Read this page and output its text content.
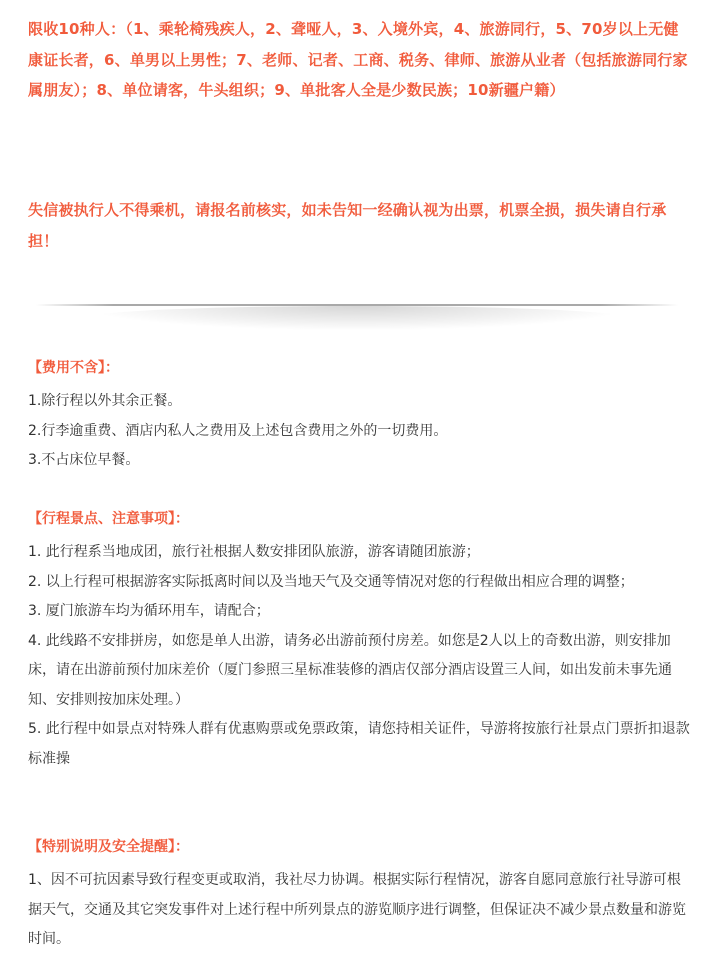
限收10种人：（1、乘轮椅残疾人，2、聋哑人，3、入境外宾，4、旅游同行，5、70岁以上无健康证长者，6、单男以上男性；7、老师、记者、工商、税务、律师、旅游从业者（包括旅游同行家属朋友）；8、单位请客，牛头组织；9、单批客人全是少数民族；10新疆户籍）

失信被执行人不得乘机，请报名前核实，如未告知一经确认视为出票，机票全损，损失请自行承担！

【费用不含】：

1.除行程以外其余正餐。

2.行李逾重费、酒店内私人之费用及上述包含费用之外的一切费用。

3.不占床位早餐。

【行程景点、注意事项】：

1. 此行程系当地成团，旅行社根据人数安排团队旅游，游客请随团旅游；

2. 以上行程可根据游客实际抵离时间以及当地天气及交通等情况对您的行程做出相应合理的调整；

3. 厦门旅游车均为循环用车，请配合；

4. 此线路不安排拼房，如您是单人出游，请务必出游前预付房差。如您是2人以上的奇数出游，则安排加床，请在出游前预付加床差价（厦门参照三星标准装修的酒店仅部分酒店设置三人间，如出发前未事先通知、安排则按加床处理。）

5. 此行程中如景点对特殊人群有优惠购票或免票政策，请您持相关证件，导游将按旅行社景点门票折扣退款标准操

【特别说明及安全提醒】：

1、因不可抗因素导致行程变更或取消，我社尽力协调。根据实际行程情况，游客自愿同意旅行社导游可根据天气，交通及其它突发事件对上述行程中所列景点的游览顺序进行调整，但保证决不减少景点数量和游览时间。
